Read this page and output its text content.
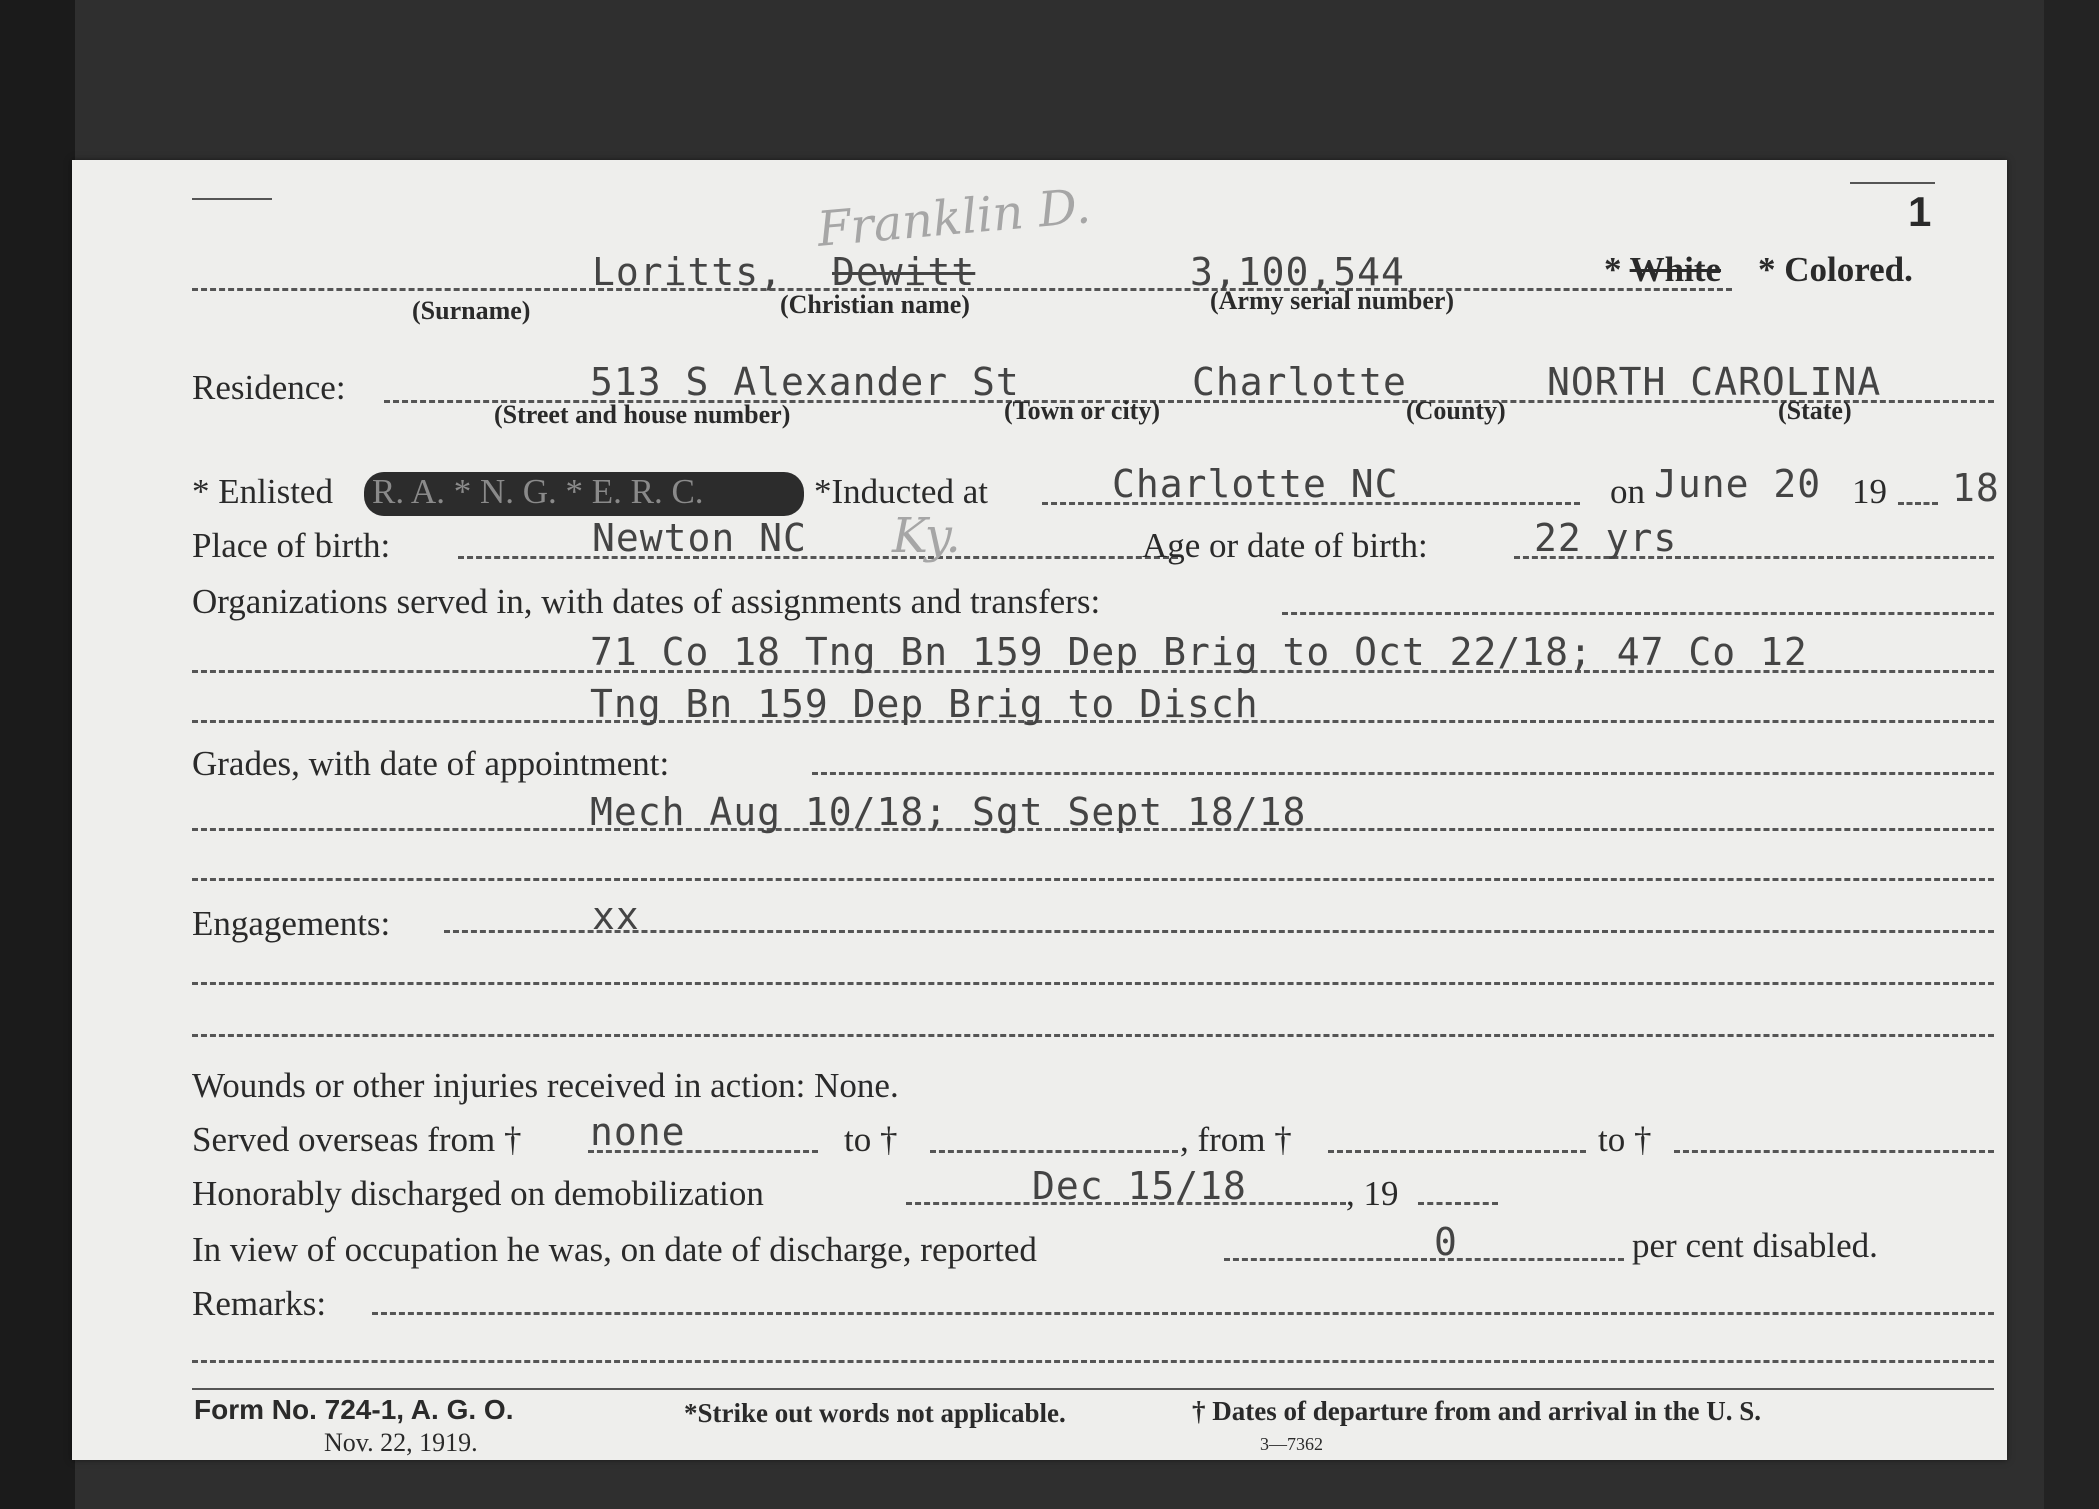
1
Franklin D.
Loritts, Dewitt	3,100,544	* White * Colored.
(Surname)	(Christian name)	(Army serial number)
Residence:	513 S Alexander St	Charlotte	NORTH CAROLINA
(Street and house number)	(Town or city)	(County)	(State)
* Enlisted R. A. * N. G. * E. R. C.	*Inducted at	Charlotte NC	on June 20 19 18
Place of birth:	Newton NC Ky.	Age or date of birth:	22 yrs
Organizations served in, with dates of assignments and transfers:
71 Co 18 Tng Bn 159 Dep Brig to Oct 22/18; 47 Co 12
Tng Bn 159 Dep Brig to Disch
Grades, with date of appointment:
Mech Aug 10/18; Sgt Sept 18/18
Engagements:	xx
Wounds or other injuries received in action: None.
Served overseas from † none	to †	, from †	to †
Honorably discharged on demobilization	Dec 15/18	, 19
In view of occupation he was, on date of discharge, reported	0	per cent disabled.
Remarks:
Form No. 724-1, A. G. O.
Nov. 22, 1919.
*Strike out words not applicable.	† Dates of departure from and arrival in the U. S.
3—7362
